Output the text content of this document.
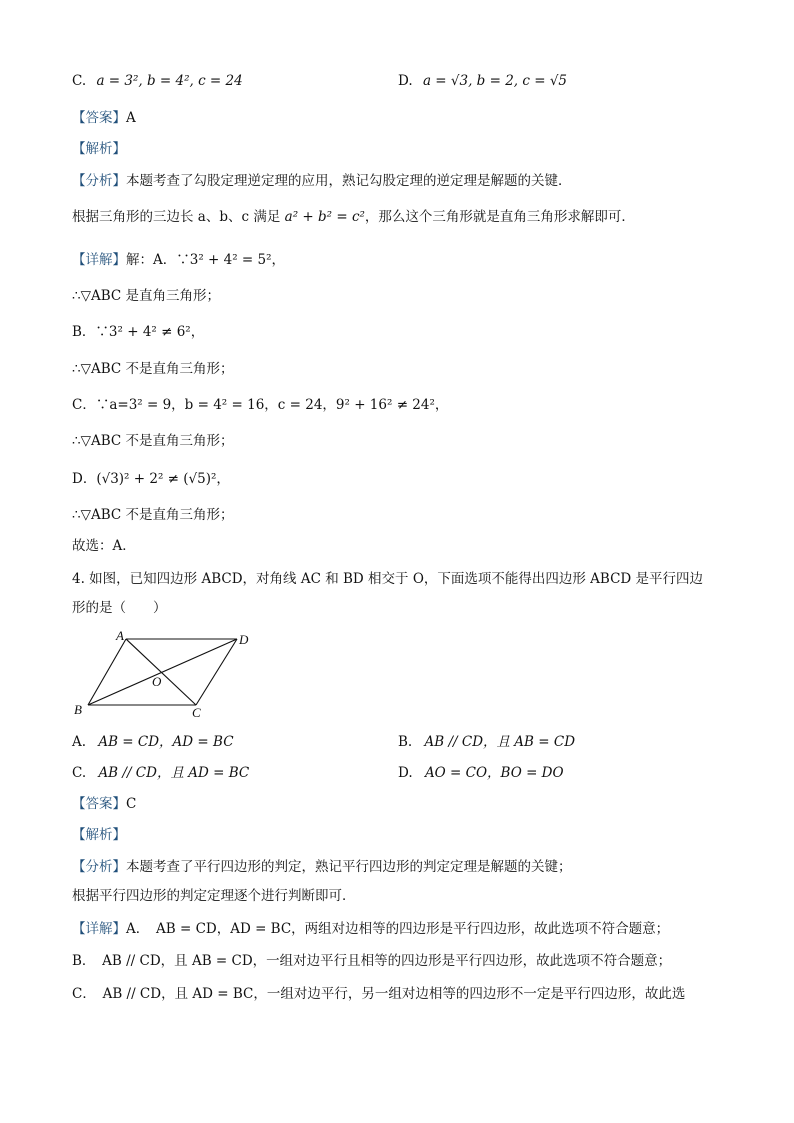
C. a = 3², b = 4², c = 24	D. a = √3, b = 2, c = √5
【答案】A
【解析】
【分析】本题考查了勾股定理逆定理的应用，熟记勾股定理的逆定理是解题的关键．
根据三角形的三边长 a、b、c 满足 a² + b² = c²，那么这个三角形就是直角三角形求解即可．
【详解】解：A．∵3² + 4² = 5²，
∴▽ABC 是直角三角形；
B．∵3² + 4² ≠ 6²，
∴▽ABC 不是直角三角形；
C．∵a=3² = 9，b = 4² = 16，c = 24，9² + 16² ≠ 24²，
∴▽ABC 不是直角三角形；
D．(√3)² + 2² ≠ (√5)²，
∴▽ABC 不是直角三角形；
故选：A．
4. 如图，已知四边形 ABCD，对角线 AC 和 BD 相交于 O，下面选项不能得出四边形 ABCD 是平行四边
形的是（　　）
A	D
O
B	C
A. AB = CD，AD = BC	B. AB // CD，且 AB = CD
C. AB // CD，且 AD = BC	D. AO = CO，BO = DO
【答案】C
【解析】
【分析】本题考查了平行四边形的判定，熟记平行四边形的判定定理是解题的关键；
根据平行四边形的判定定理逐个进行判断即可．
【详解】A．　AB = CD，AD = BC，两组对边相等的四边形是平行四边形，故此选项不符合题意；
B．　AB // CD，且 AB = CD，一组对边平行且相等的四边形是平行四边形，故此选项不符合题意；
C．　AB // CD，且 AD = BC，一组对边平行，另一组对边相等的四边形不一定是平行四边形，故此选
